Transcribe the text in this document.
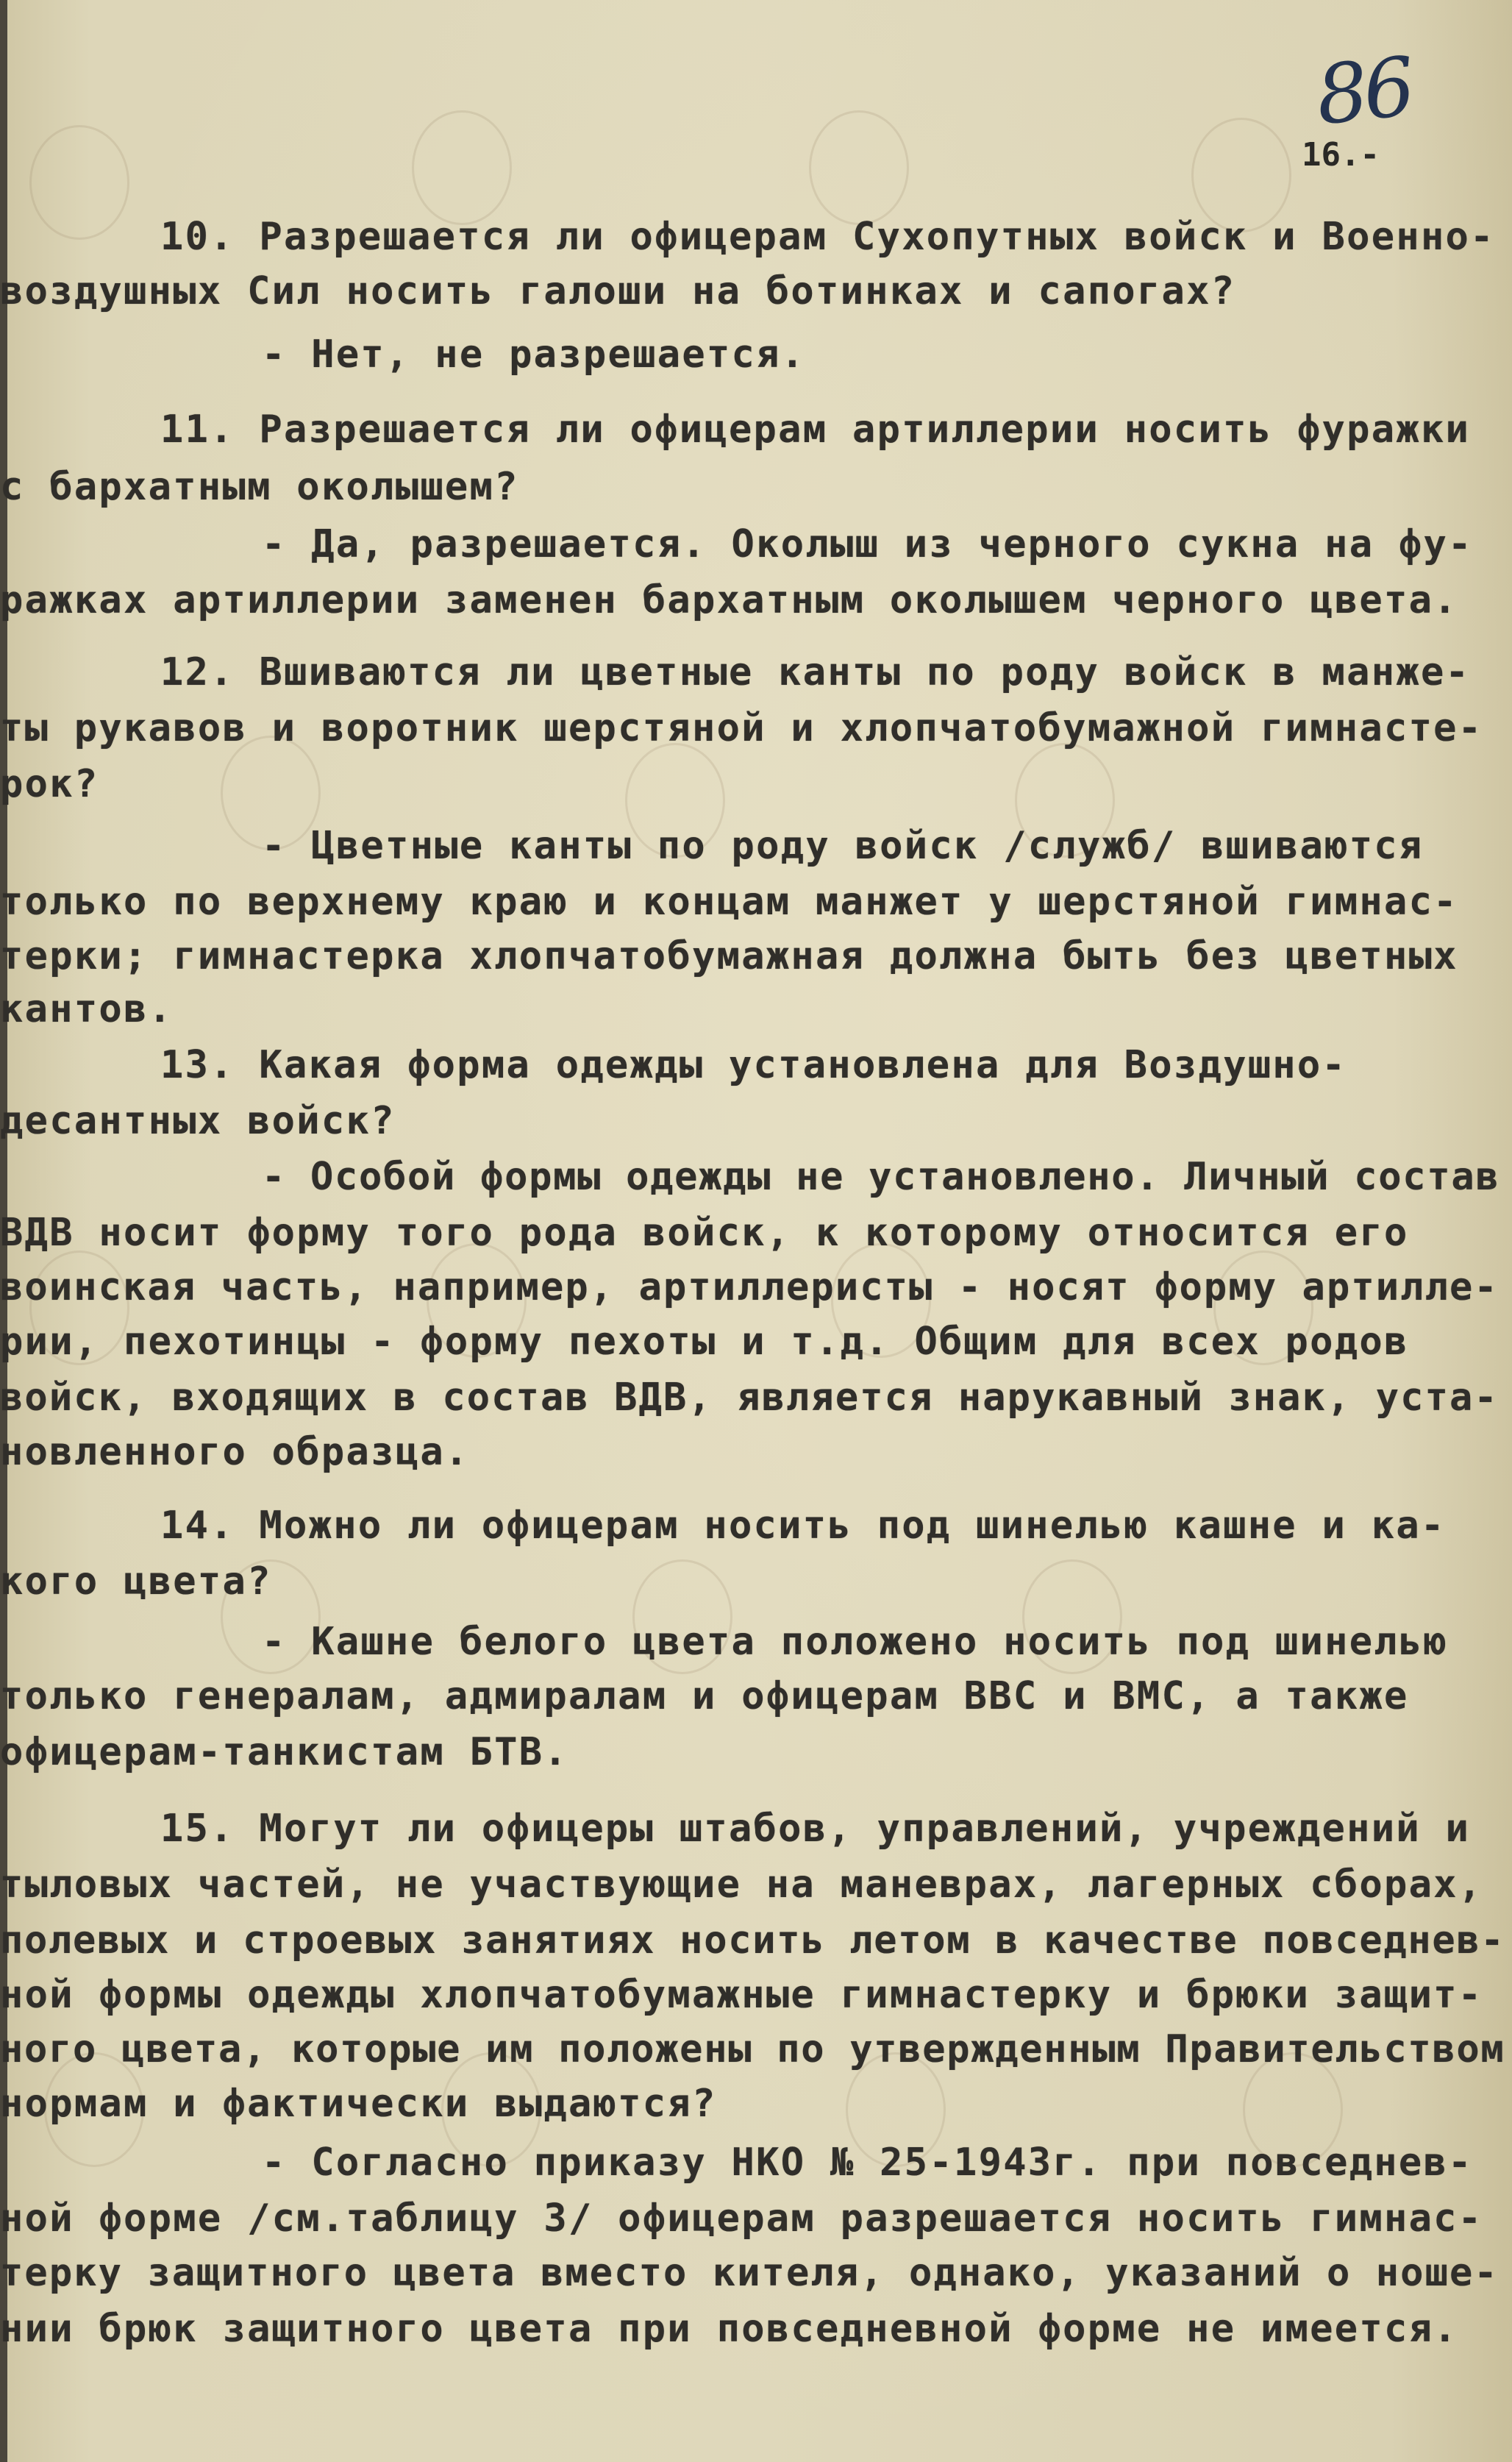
86
16.-
10. Разрешается ли офицерам Сухопутных войск и Военно-
воздушных Сил носить галоши на ботинках и сапогах?
- Нет, не разрешается.
11. Разрешается ли офицерам артиллерии носить фуражки
с бархатным околышем?
- Да, разрешается. Околыш из черного сукна на фу-
ражках артиллерии заменен бархатным околышем черного цвета.
12. Вшиваются ли цветные канты по роду войск в манже-
ты рукавов и воротник шерстяной и хлопчатобумажной гимнасте-
рок?
- Цветные канты по роду войск /служб/ вшиваются
только по верхнему краю и концам манжет у шерстяной гимнас-
терки; гимнастерка хлопчатобумажная должна быть без цветных
кантов.
13. Какая форма одежды установлена для Воздушно-
десантных войск?
- Особой формы одежды не установлено. Личный состав
ВДВ носит форму того рода войск, к которому относится его
воинская часть, например, артиллеристы - носят форму артилле-
рии, пехотинцы - форму пехоты и т.д. Общим для всех родов
войск, входящих в состав ВДВ, является нарукавный знак, уста-
новленного образца.
14. Можно ли офицерам носить под шинелью кашне и ка-
кого цвета?
- Кашне белого цвета положено носить под шинелью
только генералам, адмиралам и офицерам ВВС и ВМС, а также
офицерам-танкистам БТВ.
15. Могут ли офицеры штабов, управлений, учреждений и
тыловых частей, не участвующие на маневрах, лагерных сборах,
полевых и строевых занятиях носить летом в качестве повседнев-
ной формы одежды хлопчатобумажные гимнастерку и брюки защит-
ного цвета, которые им положены по утвержденным Правительством
нормам и фактически выдаются?
- Согласно приказу НКО № 25-1943г. при повседнев-
ной форме /см.таблицу 3/ офицерам разрешается носить гимнас-
терку защитного цвета вместо кителя, однако, указаний о ноше-
нии брюк защитного цвета при повседневной форме не имеется.
